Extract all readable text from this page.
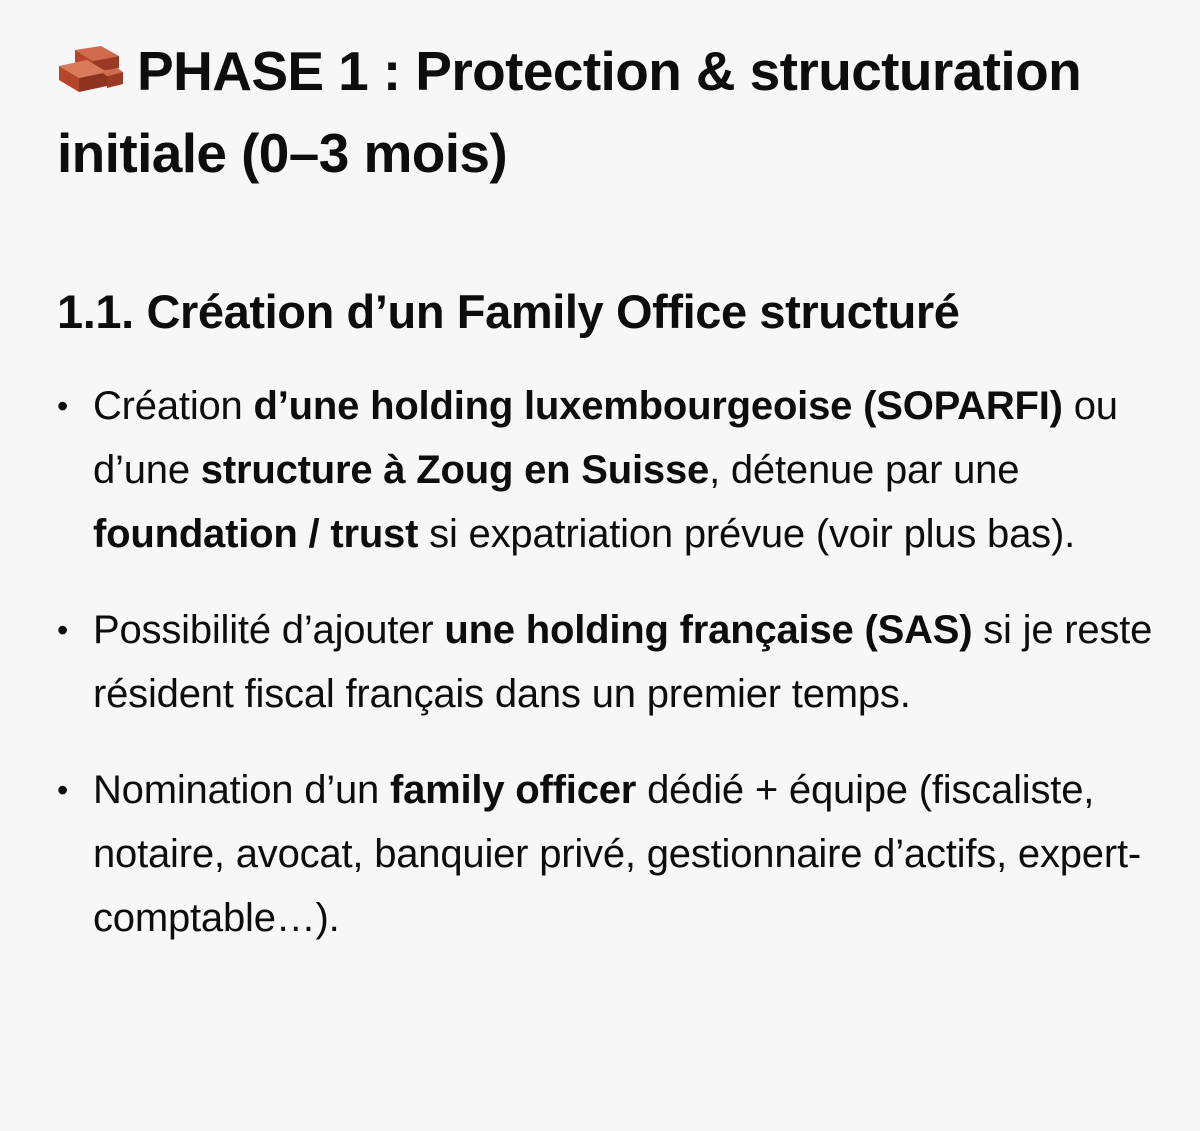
PHASE 1 : Protection & structuration initiale (0–3 mois)
1.1. Création d’un Family Office structuré
• Création d’une holding luxembourgeoise (SOPARFI) ou d’une structure à Zoug en Suisse, détenue par une foundation / trust si expatriation prévue (voir plus bas).
• Possibilité d’ajouter une holding française (SAS) si je reste résident fiscal français dans un premier temps.
• Nomination d’un family officer dédié + équipe (fiscaliste, notaire, avocat, banquier privé, gestionnaire d’actifs, expert-comptable…).
